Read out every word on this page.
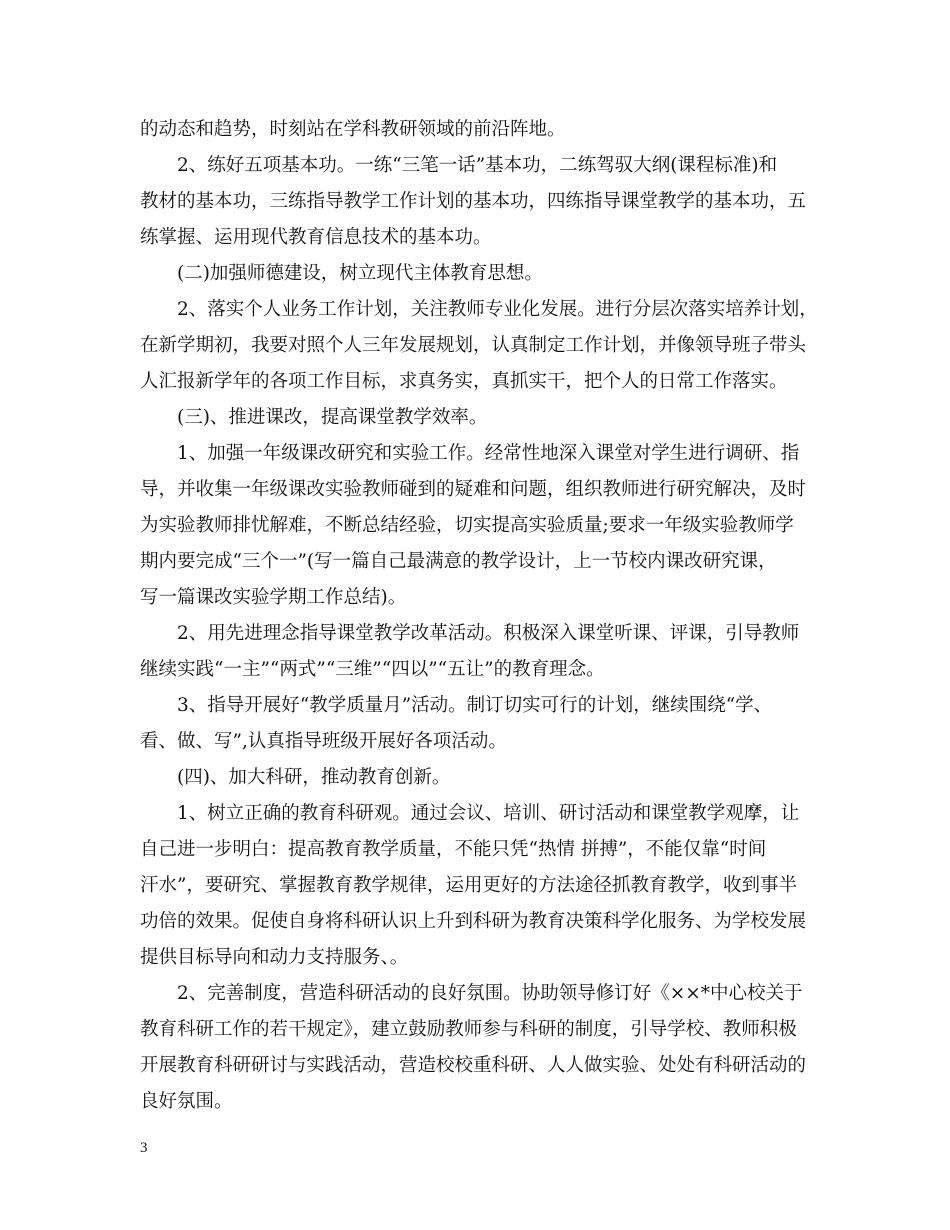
的动态和趋势，时刻站在学科教研领域的前沿阵地。
2、练好五项基本功。一练“三笔一话”基本功，二练驾驭大纲(课程标准)和
教材的基本功，三练指导教学工作计划的基本功，四练指导课堂教学的基本功，五
练掌握、运用现代教育信息技术的基本功。
(二)加强师德建设，树立现代主体教育思想。
2、落实个人业务工作计划，关注教师专业化发展。进行分层次落实培养计划，
在新学期初，我要对照个人三年发展规划，认真制定工作计划，并像领导班子带头
人汇报新学年的各项工作目标，求真务实，真抓实干，把个人的日常工作落实。
(三)、推进课改，提高课堂教学效率。
1、加强一年级课改研究和实验工作。经常性地深入课堂对学生进行调研、指
导，并收集一年级课改实验教师碰到的疑难和问题，组织教师进行研究解决，及时
为实验教师排忧解难，不断总结经验，切实提高实验质量;要求一年级实验教师学
期内要完成“三个一”(写一篇自己最满意的教学设计，上一节校内课改研究课，
写一篇课改实验学期工作总结)。
2、用先进理念指导课堂教学改革活动。积极深入课堂听课、评课，引导教师
继续实践“一主”“两式”“三维”“四以”“五让”的教育理念。
3、指导开展好“教学质量月”活动。制订切实可行的计划，继续围绕“学、
看、做、写”,认真指导班级开展好各项活动。
(四)、加大科研，推动教育创新。
1、树立正确的教育科研观。通过会议、培训、研讨活动和课堂教学观摩，让
自己进一步明白：提高教育教学质量，不能只凭“热情 拼搏”，不能仅靠“时间
汗水”，要研究、掌握教育教学规律，运用更好的方法途径抓教育教学，收到事半
功倍的效果。促使自身将科研认识上升到科研为教育决策科学化服务、为学校发展
提供目标导向和动力支持服务、。
2、完善制度，营造科研活动的良好氛围。协助领导修订好《××*中心校关于
教育科研工作的若干规定》，建立鼓励教师参与科研的制度，引导学校、教师积极
开展教育科研研讨与实践活动，营造校校重科研、人人做实验、处处有科研活动的
良好氛围。
3
